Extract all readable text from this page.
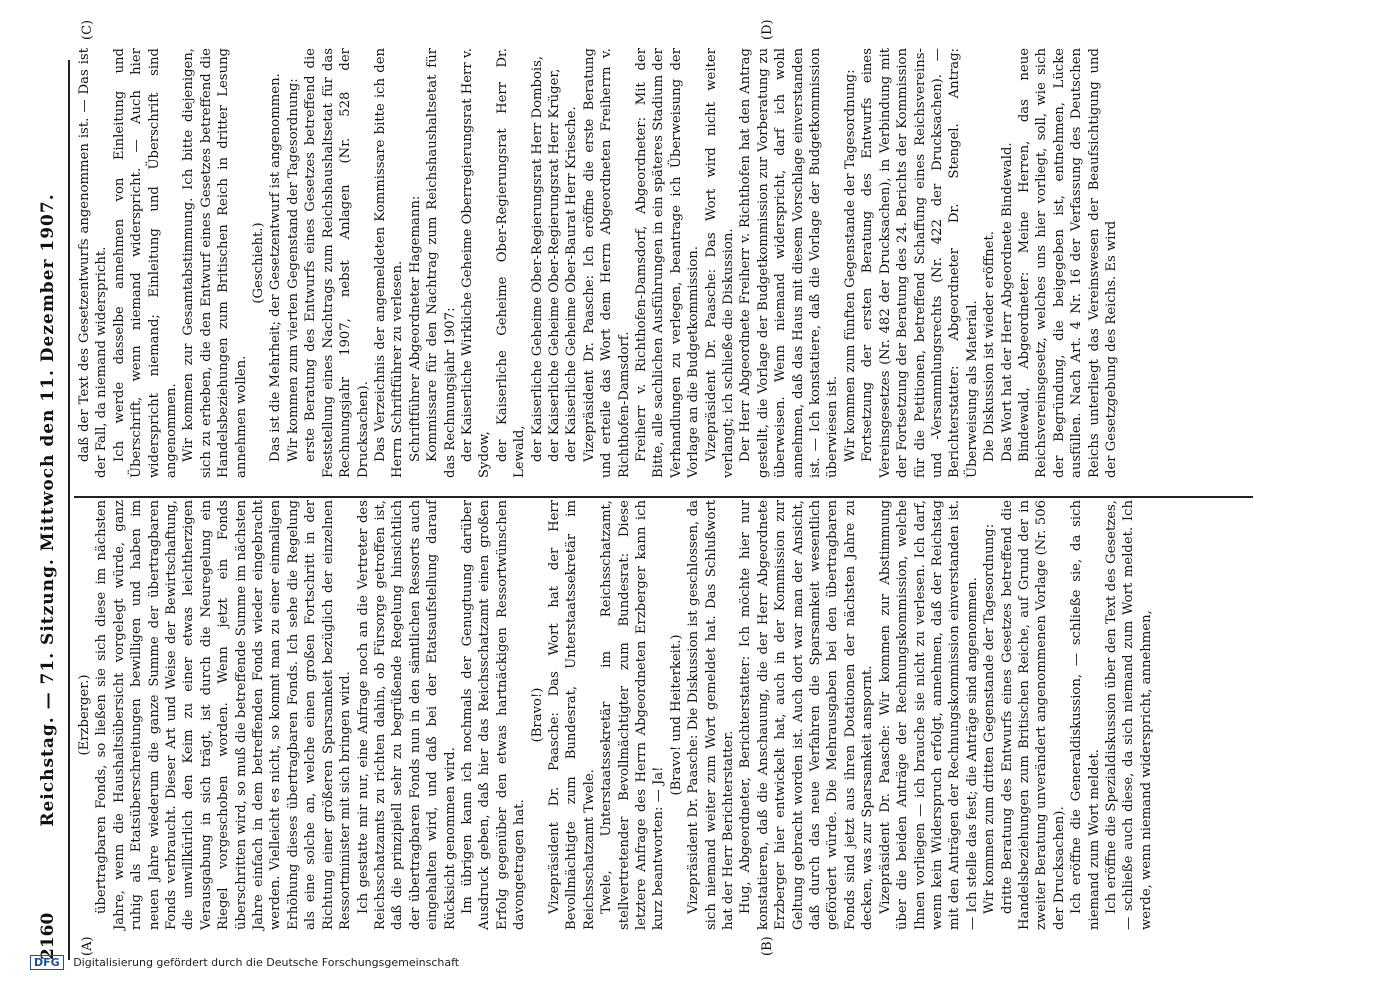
2160
Reichstag. — 71. Sitzung. Mittwoch den 11. Dezember 1907.
(A)	(B)
(C)	(D)

(Erzberger.) übertragbaren Fonds, so ließen sie sich diese im nächsten Jahre, wenn die Haushaltsübersicht vorgelegt würde, ganz ruhig als Etatsüberschreitungen bewilligen und haben im neuen Jahre wiederum die ganze Summe der übertragbaren Fonds verbraucht. Dieser Art und Weise der Bewirtschaftung, die unwillkürlich den Keim zu einer etwas leichtherzigen Verausgabung in sich trägt, ist durch die Neuregelung ein Riegel vorgeschoben worden. Wenn jetzt ein Fonds überschritten wird, so muß die betreffende Summe im nächsten Jahre einfach in dem betreffenden Fonds wieder eingebracht werden. Vielleicht es nicht, so kommt man zu einer einmaligen Erhöhung dieses übertragbaren Fonds. Ich sehe die Regelung als eine solche an, welche einen großen Fortschritt in der Richtung einer größeren Sparsamkeit bezüglich der einzelnen Ressortminister mit sich bringen wird. Ich gestatte mir nur, eine Anfrage noch an die Vertreter des Reichsschatzamts zu richten dahin, ob Fürsorge getroffen ist, daß die prinzipiell sehr zu begrüßende Regelung hinsichtlich der übertragbaren Fonds nun in den sämtlichen Ressorts auch eingehalten wird, und daß bei der Etatsaufstellung darauf Rücksicht genommen wird. Im übrigen kann ich nochmals der Genugtuung darüber Ausdruck geben, daß hier das Reichsschatzamt einen großen Erfolg gegenüber den etwas hartnäckigen Ressortwünschen davongetragen hat.

(Bravo!) Vizepräsident Dr. Paasche: Das Wort hat der Herr Bevollmächtigte zum Bundesrat, Unterstaatssekretär im Reichsschatzamt Twele. Twele, Unterstaatssekretär im Reichsschatzamt, stellvertretender Bevollmächtigter zum Bundesrat: Diese letztere Anfrage des Herrn Abgeordneten Erzberger kann ich kurz beantworten: — Ja!

(Bravo! und Heiterkeit.) Vizepräsident Dr. Paasche: Die Diskussion ist geschlossen, da sich niemand weiter zum Wort gemeldet hat. Das Schlußwort hat der Herr Berichterstatter. Hug, Abgeordneter, Berichterstatter: Ich möchte hier nur konstatieren, daß die Anschauung, die der Herr Abgeordnete Erzberger hier entwickelt hat, auch in der Kommission zur Geltung gebracht worden ist. Auch dort war man der Ansicht, daß durch das neue Verfahren die Sparsamkeit wesentlich gefördert würde. Die Mehrausgaben bei den übertragbaren Fonds sind jetzt aus ihren Dotationen der nächsten Jahre zu decken, was zur Sparsamkeit anspornt. Vizepräsident Dr. Paasche: Wir kommen zur Abstimmung über die beiden Anträge der Rechnungskommission, welche Ihnen vorliegen — ich brauche sie nicht zu verlesen. Ich darf, wenn kein Widerspruch erfolgt, annehmen, daß der Reichstag mit den Anträgen der Rechnungskommission einverstanden ist. — Ich stelle das fest; die Anträge sind angenommen. Wir kommen zum dritten Gegenstande der Tagesordnung: dritte Beratung des Entwurfs eines Gesetzes betreffend die Handelsbeziehungen zum Britischen Reiche, auf Grund der in zweiter Beratung unverändert angenommenen Vorlage (Nr. 506 der Drucksachen). Ich eröffne die Generaldiskussion, — schließe sie, da sich niemand zum Wort meldet. Ich eröffne die Spezialdiskussion über den Text des Gesetzes, — schließe auch diese, da sich niemand zum Wort meldet. Ich werde, wenn niemand widerspricht, annehmen,

daß der Text des Gesetzentwurfs angenommen ist. — Das ist der Fall, da niemand widerspricht. Ich werde dasselbe annehmen von Einleitung und Überschrift, wenn niemand widerspricht. — Auch hier widerspricht niemand; Einleitung und Überschrift sind angenommen. Wir kommen zur Gesamtabstimmung. Ich bitte diejenigen, sich zu erheben, die den Entwurf eines Gesetzes betreffend die Handelsbeziehungen zum Britischen Reich in dritter Lesung annehmen wollen.

(Geschieht.) Das ist die Mehrheit; der Gesetzentwurf ist angenommen. Wir kommen zum vierten Gegenstand der Tagesordnung: erste Beratung des Entwurfs eines Gesetzes betreffend die Feststellung eines Nachtrags zum Reichshaushaltsetat für das Rechnungsjahr 1907, nebst Anlagen (Nr. 528 der Drucksachen). Das Verzeichnis der angemeldeten Kommissare bitte ich den Herrn Schriftführer zu verlesen. Schriftführer Abgeordneter Hagemann: Kommissare für den Nachtrag zum Reichshaushaltsetat für das Rechnungsjahr 1907: der Kaiserliche Wirkliche Geheime Oberregierungsrat Herr v. Sydow, der Kaiserliche Geheime Ober-Regierungsrat Herr Dr. Lewald, der Kaiserliche Geheime Ober-Regierungsrat Herr Dombois, der Kaiserliche Geheime Ober-Regierungsrat Herr Krüger, der Kaiserliche Geheime Ober-Baurat Herr Kriesche. Vizepräsident Dr. Paasche: Ich eröffne die erste Beratung und erteile das Wort dem Herrn Abgeordneten Freiherrn v. Richthofen-Damsdorf. Freiherr v. Richthofen-Damsdorf, Abgeordneter: Mit der Bitte, alle sachlichen Ausführungen in ein späteres Stadium der Verhandlungen zu verlegen, beantrage ich Überweisung der Vorlage an die Budgetkommission. Vizepräsident Dr. Paasche: Das Wort wird nicht weiter verlangt; ich schließe die Diskussion. Der Herr Abgeordnete Freiherr v. Richthofen hat den Antrag gestellt, die Vorlage der Budgetkommission zur Vorberatung zu überweisen. Wenn niemand widerspricht, darf ich wohl annehmen, daß das Haus mit diesem Vorschlage einverstanden ist. — Ich konstatiere, daß die Vorlage der Budgetkommission überwiesen ist. Wir kommen zum fünften Gegenstande der Tagesordnung: Fortsetzung der ersten Beratung des Entwurfs eines Vereinsgesetzes (Nr. 482 der Drucksachen), in Verbindung mit der Fortsetzung der Beratung des 24. Berichts der Kommission für die Petitionen, betreffend Schaffung eines Reichsvereins- und -Versammlungsrechts (Nr. 422 der Drucksachen). — Berichterstatter: Abgeordneter Dr. Stengel. Antrag: Überweisung als Material. Die Diskussion ist wieder eröffnet. Das Wort hat der Herr Abgeordnete Bindewald. Bindewald, Abgeordneter: Meine Herren, das neue Reichsvereinsgesetz, welches uns hier vorliegt, soll, wie sich der Begründung, die beigegeben ist, entnehmen, Lücke ausfüllen. Nach Art. 4 Nr. 16 der Verfassung des Deutschen Reichs unterliegt das Vereinswesen der Beaufsichtigung und der Gesetzgebung des Reichs. Es wird

DFG Digitalisierung gefördert durch die Deutsche Forschungsgemeinschaft
